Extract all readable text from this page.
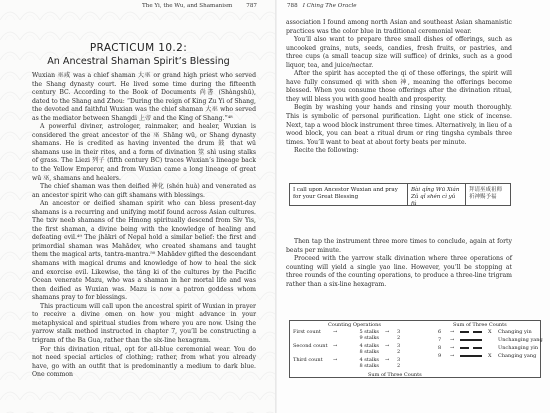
The Yi, the Wu, and Shamanism	787
PRACTICUM 10.2:
An Ancestral Shaman Spirit’s Blessing

Wuxian 巫咸 was a chief shaman 大巫 or grand high priest who served the Shang dynasty court. He lived some time during the fifteenth century BC. According to the Book of Documents 尚書 (Shàngshū), dated to the Shang and Zhou: “During the reign of King Zu Yi of Shang, the devoted and faithful Wuxian was the chief shaman 大巫 who served as the mediator between Shangdi 上帝 and the King of Shang.”⁴⁸

A powerful diviner, astrologer, rainmaker, and healer, Wuxian is considered the great ancestor of the 巫 Shāng wū, or Shang dynasty shamans. He is credited as having invented the drum 鼓 that wū shamans use in their rites, and a form of divination 筮 shì using stalks of grass. The Liezi 列子 (fifth century BC) traces Wuxian’s lineage back to the Yellow Emperor, and from Wuxian came a long lineage of great wū 巫, shamans and healers.

The chief shaman was then deified 神化 (shén huà) and venerated as an ancestor spirit who can gift shamans with blessings.

An ancestor or deified shaman spirit who can bless present-day shamans is a recurring and unifying motif found across Asian cultures. The txiv neeb shamans of the Hmong spiritually descend from Siv Yis, the first shaman, a divine being with the knowledge of healing and defeating evil.⁴⁹ The jhākri of Nepal hold a similar belief: the first and primordial shaman was Mahādev, who created shamans and taught them the magical arts, tantra-mantra.⁵⁰ Mahādev gifted the descendant shamans with magical drums and knowledge of how to heal the sick and exorcise evil. Likewise, the tâng ki of the cultures by the Pacific Ocean venerate Mazu, who was a shaman in her mortal life and was then deified as Wuxian was. Mazu is now a patron goddess whom shamans pray to for blessings.

This practicum will call upon the ancestral spirit of Wuxian in prayer to receive a divine omen on how you might advance in your metaphysical and spiritual studies from where you are now. Using the yarrow stalk method instructed in chapter 7, you’ll be constructing a trigram of the Ba Gua, rather than the six-line hexagram.

For this divination ritual, opt for all-blue ceremonial wear. You do not need special articles of clothing; rather, from what you already have, go with an outfit that is predominantly a medium to dark blue. One common

788 I Ching The Oracle

association I found among north Asian and southeast Asian shamanistic practices was the color blue in traditional ceremonial wear.

You’ll also want to prepare three small dishes of offerings, such as uncooked grains, nuts, seeds, candies, fresh fruits, or pastries, and three cups (a small teacup size will suffice) of drinks, such as a good liquor, tea, and juice/nectar.

After the spirit has accepted the qi of these offerings, the spirit will have fully consumed qi with shen 神, meaning the offerings become blessed. When you consume those offerings after the divination ritual, they will bless you with good health and prosperity.

Begin by washing your hands and rinsing your mouth thoroughly. This is symbolic of personal purification. Light one stick of incense. Next, tap a wood block instrument three times. Alternatively, in lieu of a wood block, you can beat a ritual drum or ring tingsha cymbals three times. You’ll want to beat at about forty beats per minute.

Recite the following:

I call upon Ancestor Wuxian and pray for your Great Blessing
Bài qǐng Wū Xián Zǔ qǐ shén cì yǔ fú
拜请巫咸祖师 祈神赐予福

Then tap the instrument three more times to conclude, again at forty beats per minute.

Proceed with the yarrow stalk divination where three operations of counting will yield a single yao line. However, you’ll be stopping at three rounds of the counting operations, to produce a three-line trigram rather than a six-line hexagram.

Counting Operations	Sum of Three Counts
First count	→	5 stalks → 3
9 stalks	2
Second count	→	4 stalks → 3
8 stalks	2
Third count	→	4 stalks → 3
8 stalks	2
Sum of Three Counts
6 →	X Changing yin
7 →	Unchanging yang
8 →	Unchanging yin
9 →	X Changing yang
